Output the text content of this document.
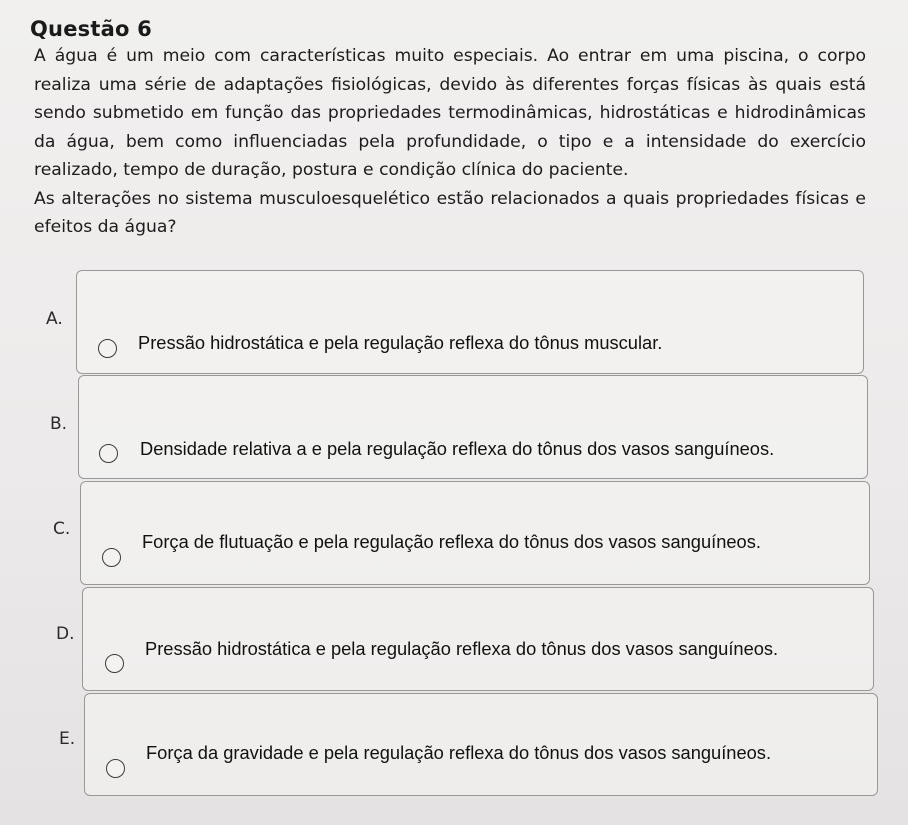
Questão 6

A água é um meio com características muito especiais. Ao entrar em uma piscina, o corpo realiza uma série de adaptações fisiológicas, devido às diferentes forças físicas às quais está sendo submetido em função das propriedades termodinâmicas, hidrostáticas e hidrodinâmicas da água, bem como influenciadas pela profundidade, o tipo e a intensidade do exercício realizado, tempo de duração, postura e condição clínica do paciente.

As alterações no sistema musculoesquelético estão relacionados a quais propriedades físicas e efeitos da água?

A.
Pressão hidrostática e pela regulação reflexa do tônus muscular.
B.
Densidade relativa a e pela regulação reflexa do tônus dos vasos sanguíneos.
C.
Força de flutuação e pela regulação reflexa do tônus dos vasos sanguíneos.
D.
Pressão hidrostática e pela regulação reflexa do tônus dos vasos sanguíneos.
E.
Força da gravidade e pela regulação reflexa do tônus dos vasos sanguíneos.
